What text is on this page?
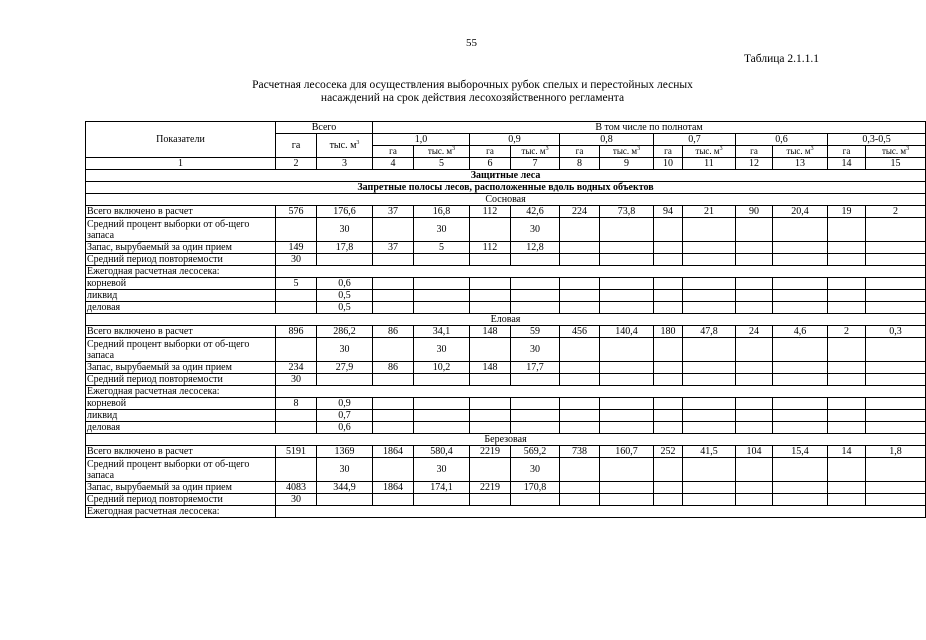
55
Таблица 2.1.1.1
Расчетная лесосека для осуществления выборочных рубок спелых и перестойных лесных
насаждений на срок действия лесохозяйственного регламента
Показатели	Всего		В том числе по полнотам											
	га	тыс. $м^3$	1,0		0,9		0,8		0,7		0,6		0,3-0,5	
			га	тыс. $м^3$	га	тыс. $м^3$	га	тыс. $м^3$	га	тыс. $м^3$	га	тыс. $м^3$	га	тыс. $м^3$
1	2	3	4	5	6	7	8	9	10	11	12	13	14	15
Защитные леса														
Запретные полосы лесов, расположенные вдоль водных объектов														
Сосновая														
Всего включено в расчет	576	176,6	37	16,8	112	42,6	224	73,8	94	21	90	20,4	19	2
Средний процент выборки от об-щего запаса		30		30		30								
Запас, вырубаемый за один прием	149	17,8	37	5	112	12,8								
Средний период повторяемости	30													
Ежегодная расчетная лесосека:														
корневой	5	0,6												
ликвид		0,5												
деловая		0,5												
Еловая														
Всего включено в расчет	896	286,2	86	34,1	148	59	456	140,4	180	47,8	24	4,6	2	0,3
Средний процент выборки от об-щего запаса		30		30		30								
Запас, вырубаемый за один прием	234	27,9	86	10,2	148	17,7								
Средний период повторяемости	30													
Ежегодная расчетная лесосека:														
корневой	8	0,9												
ликвид		0,7												
деловая		0,6												
Березовая														
Всего включено в расчет	5191	1369	1864	580,4	2219	569,2	738	160,7	252	41,5	104	15,4	14	1,8
Средний процент выборки от об-щего запаса		30		30		30								
Запас, вырубаемый за один прием	4083	344,9	1864	174,1	2219	170,8								
Средний период повторяемости	30													
Ежегодная расчетная лесосека:														
